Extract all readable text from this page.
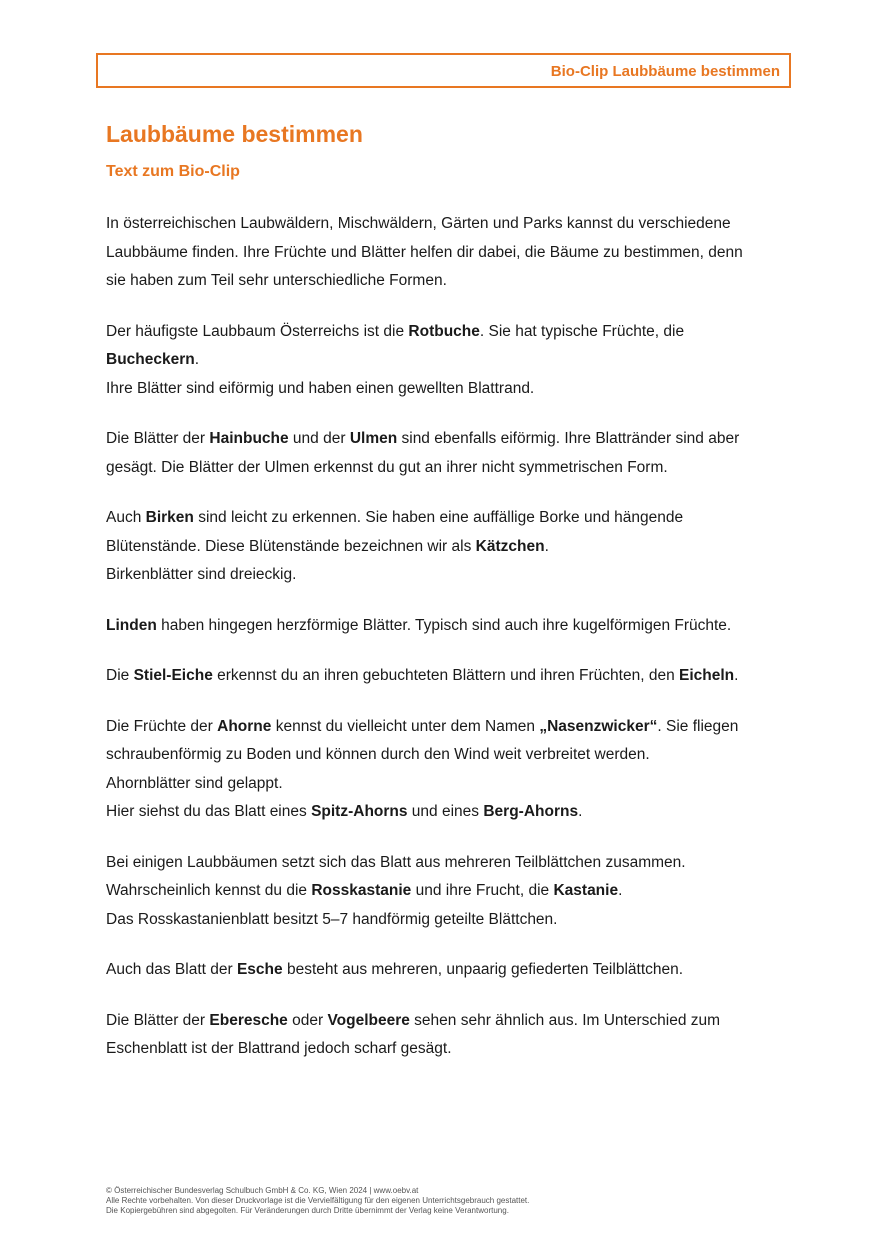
Bio-Clip Laubbäume bestimmen
Laubbäume bestimmen
Text zum Bio-Clip

In österreichischen Laubwäldern, Mischwäldern, Gärten und Parks kannst du verschiedene
Laubbäume finden. Ihre Früchte und Blätter helfen dir dabei, die Bäume zu bestimmen, denn
sie haben zum Teil sehr unterschiedliche Formen.

Der häufigste Laubbaum Österreichs ist die Rotbuche. Sie hat typische Früchte, die
Bucheckern.
Ihre Blätter sind eiförmig und haben einen gewellten Blattrand.

Die Blätter der Hainbuche und der Ulmen sind ebenfalls eiförmig. Ihre Blattränder sind aber
gesägt. Die Blätter der Ulmen erkennst du gut an ihrer nicht symmetrischen Form.

Auch Birken sind leicht zu erkennen. Sie haben eine auffällige Borke und hängende
Blütenstände. Diese Blütenstände bezeichnen wir als Kätzchen.
Birkenblätter sind dreieckig.

Linden haben hingegen herzförmige Blätter. Typisch sind auch ihre kugelförmigen Früchte.

Die Stiel-Eiche erkennst du an ihren gebuchteten Blättern und ihren Früchten, den Eicheln.

Die Früchte der Ahorne kennst du vielleicht unter dem Namen „Nasenzwicker“. Sie fliegen
schraubenförmig zu Boden und können durch den Wind weit verbreitet werden.
Ahornblätter sind gelappt.
Hier siehst du das Blatt eines Spitz-Ahorns und eines Berg-Ahorns.

Bei einigen Laubbäumen setzt sich das Blatt aus mehreren Teilblättchen zusammen.
Wahrscheinlich kennst du die Rosskastanie und ihre Frucht, die Kastanie.
Das Rosskastanienblatt besitzt 5–7 handförmig geteilte Blättchen.

Auch das Blatt der Esche besteht aus mehreren, unpaarig gefiederten Teilblättchen.

Die Blätter der Eberesche oder Vogelbeere sehen sehr ähnlich aus. Im Unterschied zum
Eschenblatt ist der Blattrand jedoch scharf gesägt.

© Österreichischer Bundesverlag Schulbuch GmbH & Co. KG, Wien 2024 | www.oebv.at
Alle Rechte vorbehalten. Von dieser Druckvorlage ist die Vervielfältigung für den eigenen Unterrichtsgebrauch gestattet.
Die Kopiergebühren sind abgegolten. Für Veränderungen durch Dritte übernimmt der Verlag keine Verantwortung.
